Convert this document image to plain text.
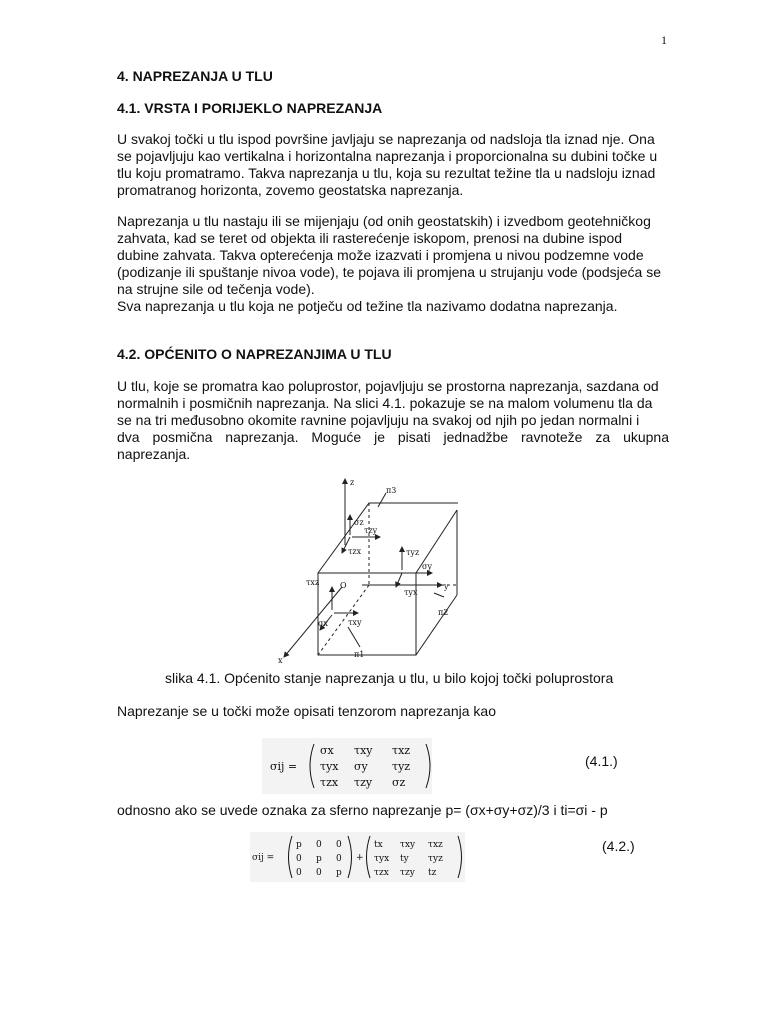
1
4. NAPREZANJA U TLU
4.1. VRSTA I PORIJEKLO NAPREZANJA

U svakoj točki u tlu ispod površine javljaju se naprezanja od nadsloja tla iznad nje. Ona

se pojavljuju kao vertikalna i horizontalna naprezanja i proporcionalna su dubini točke u

tlu koju promatramo. Takva naprezanja u tlu, koja su rezultat težine tla u nadsloju iznad

promatranog horizonta, zovemo geostatska naprezanja.

Naprezanja u tlu nastaju ili se mijenjaju (od onih geostatskih) i izvedbom geotehničkog

zahvata, kad se teret od objekta ili rasterećenje iskopom, prenosi na dubine ispod

dubine zahvata. Takva opterećenja može izazvati i promjena u nivou podzemne vode

(podizanje ili spuštanje nivoa vode), te pojava ili promjena u strujanju vode (podsjeća se

na strujne sile od tečenja vode).

Sva naprezanja u tlu koja ne potječu od težine tla nazivamo dodatna naprezanja.

4.2. OPĆENITO O NAPREZANJIMA U TLU

U tlu, koje se promatra kao poluprostor, pojavljuju se prostorna naprezanja, sazdana od

normalnih i posmičnih naprezanja. Na slici 4.1. pokazuje se na malom volumenu tla da

se na tri međusobno okomite ravnine pojavljuju na svakoj od njih po jedan normalni i

dva posmična naprezanja. Moguće je pisati jednadžbe ravnoteže za ukupna

naprezanja.

z
y
x
O
σz
τzy
τzx
σy
τyz
τyx
τxz
τxy
σx
π1
π2
π3
slika 4.1. Općenito stanje naprezanja u tlu, u bilo kojoj točki poluprostora
Naprezanje se u točki može opisati tenzorom naprezanja kao
σij =
σx τxy τxz
τyx σy τyz
τzx τzy σz
(4.1.)
odnosno ako se uvede oznaka za sferno naprezanje p= (σx+σy+σz)/3 i ti=σi - p
σij =
p 0 0
0 p 0
0 0 p
+
tx τxy τxz
τyx ty τyz
τzx τzy tz
(4.2.)
